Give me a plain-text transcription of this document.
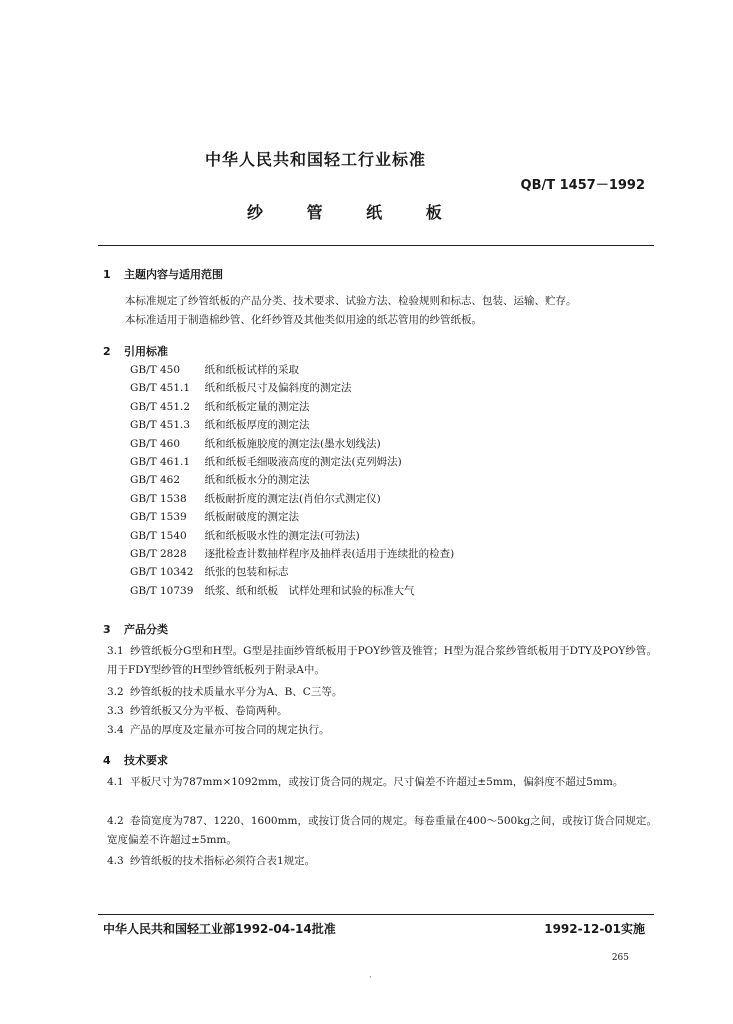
中华人民共和国轻工行业标准
QB/T 1457－1992
纱 管 纸 板
1 主题内容与适用范围
本标准规定了纱管纸板的产品分类、技术要求、试验方法、检验规则和标志、包装、运输、贮存。
本标准适用于制造棉纱管、化纤纱管及其他类似用途的纸芯管用的纱管纸板。
2 引用标准
GB/T 450　 纸和纸板试样的采取
GB/T 451.1　 纸和纸板尺寸及偏斜度的测定法
GB/T 451.2　 纸和纸板定量的测定法
GB/T 451.3　 纸和纸板厚度的测定法
GB/T 460　 纸和纸板施胶度的测定法(墨水划线法)
GB/T 461.1　 纸和纸板毛细吸液高度的测定法(克列姆法)
GB/T 462　 纸和纸板水分的测定法
GB/T 1538　 纸板耐折度的测定法(肖伯尔式测定仪)
GB/T 1539　 纸板耐破度的测定法
GB/T 1540　 纸和纸板吸水性的测定法(可勃法)
GB/T 2828　 逐批检查计数抽样程序及抽样表(适用于连续批的检查)
GB/T 10342　 纸张的包装和标志
GB/T 10739　 纸浆、纸和纸板　试样处理和试验的标准大气
3 产品分类
3.1 纱管纸板分G型和H型。G型是挂面纱管纸板用于POY纱管及锥管；H型为混合浆纱管纸板用于DTY及POY纱管。用于FDY型纱管的H型纱管纸板列于附录A中。
3.2 纱管纸板的技术质量水平分为A、B、C三等。
3.3 纱管纸板又分为平板、卷筒两种。
3.4 产品的厚度及定量亦可按合同的规定执行。
4 技术要求
4.1 平板尺寸为787mm×1092mm，或按订货合同的规定。尺寸偏差不许超过±5mm，偏斜度不超过5mm。
4.2 卷筒宽度为787、1220、1600mm，或按订货合同的规定。每卷重量在400～500kg之间，或按订货合同规定。宽度偏差不许超过±5mm。
4.3 纱管纸板的技术指标必须符合表1规定。
中华人民共和国轻工业部1992-04-14批准	1992-12-01实施
265
·
